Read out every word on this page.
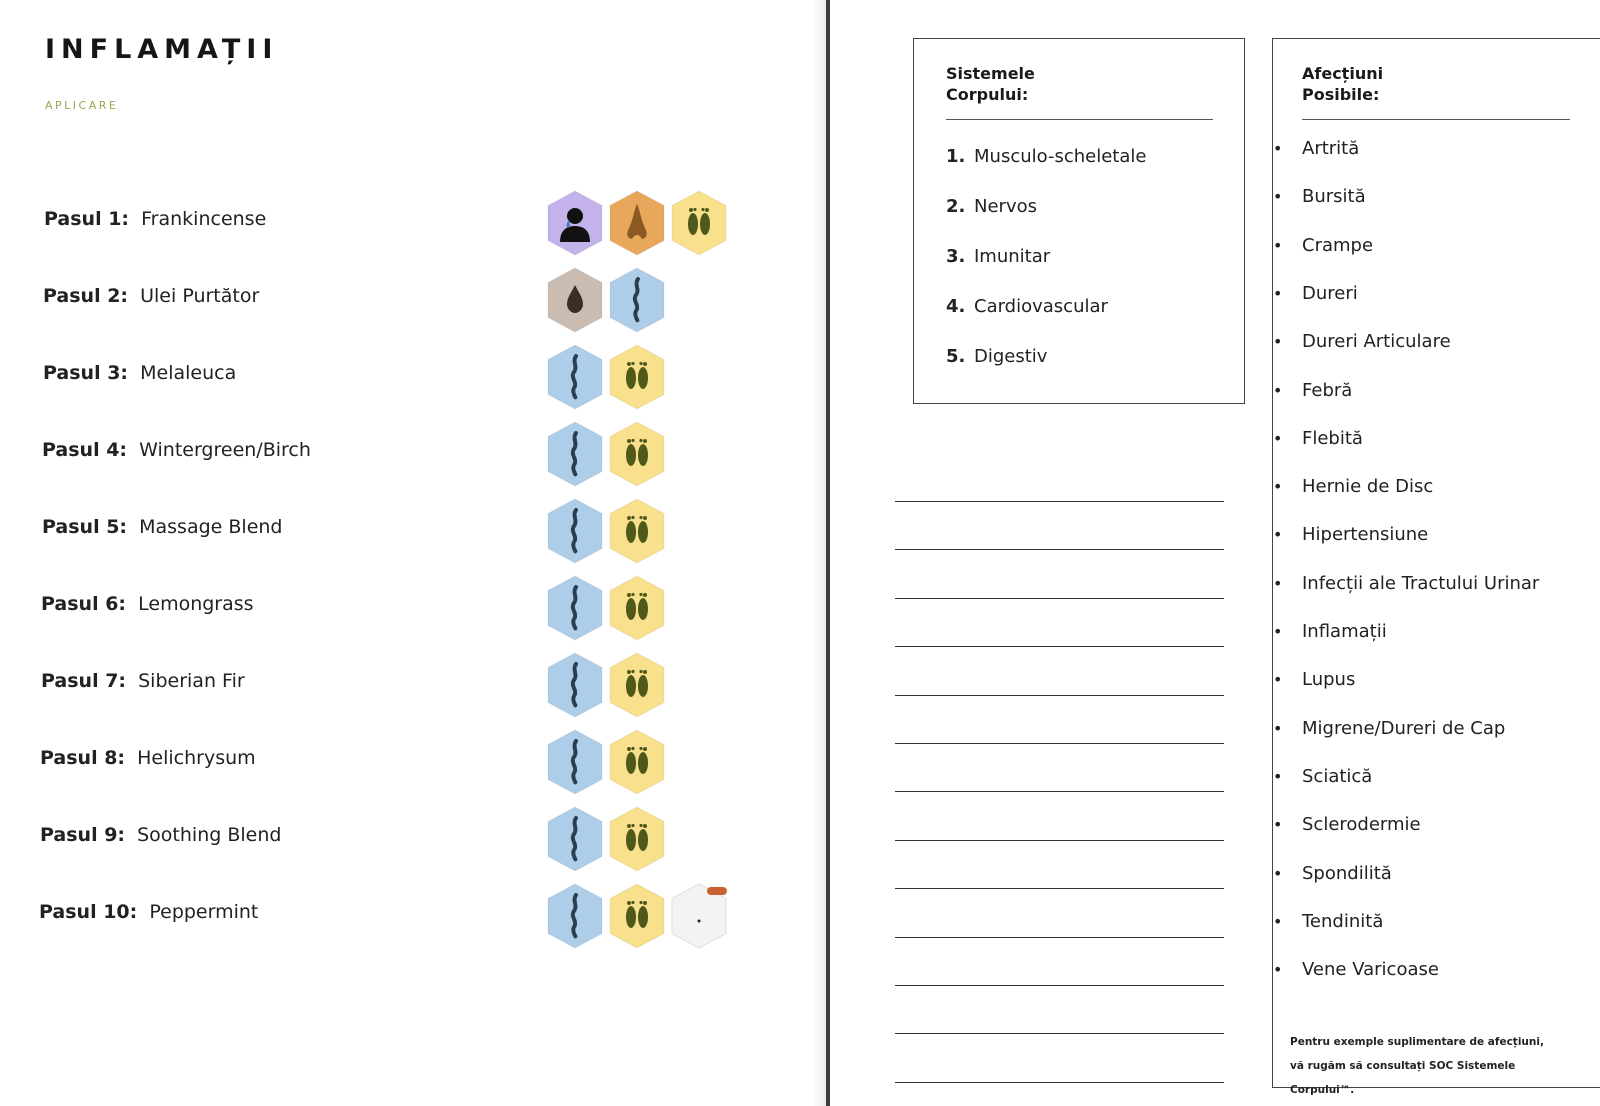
INFLAMAȚII
APLICARE
Pasul 1: Frankincense
Pasul 2: Ulei Purtător
Pasul 3: Melaleuca
Pasul 4: Wintergreen/Birch
Pasul 5: Massage Blend
Pasul 6: Lemongrass
Pasul 7: Siberian Fir
Pasul 8: Helichrysum
Pasul 9: Soothing Blend
Pasul 10: Peppermint
Sistemele
Corpului:
1. Musculo-scheletale
2. Nervos
3. Imunitar
4. Cardiovascular
5. Digestiv
Afecțiuni
Posibile:
• Artrită
• Bursită
• Crampe
• Dureri
• Dureri Articulare
• Febră
• Flebită
• Hernie de Disc
• Hipertensiune
• Infecții ale Tractului Urinar
• Inflamații
• Lupus
• Migrene/Dureri de Cap
• Sciatică
• Sclerodermie
• Spondilită
• Tendinită
• Vene Varicoase
Pentru exemple suplimentare de afecțiuni, vă rugăm să consultați SOC Sistemele Corpului™.
